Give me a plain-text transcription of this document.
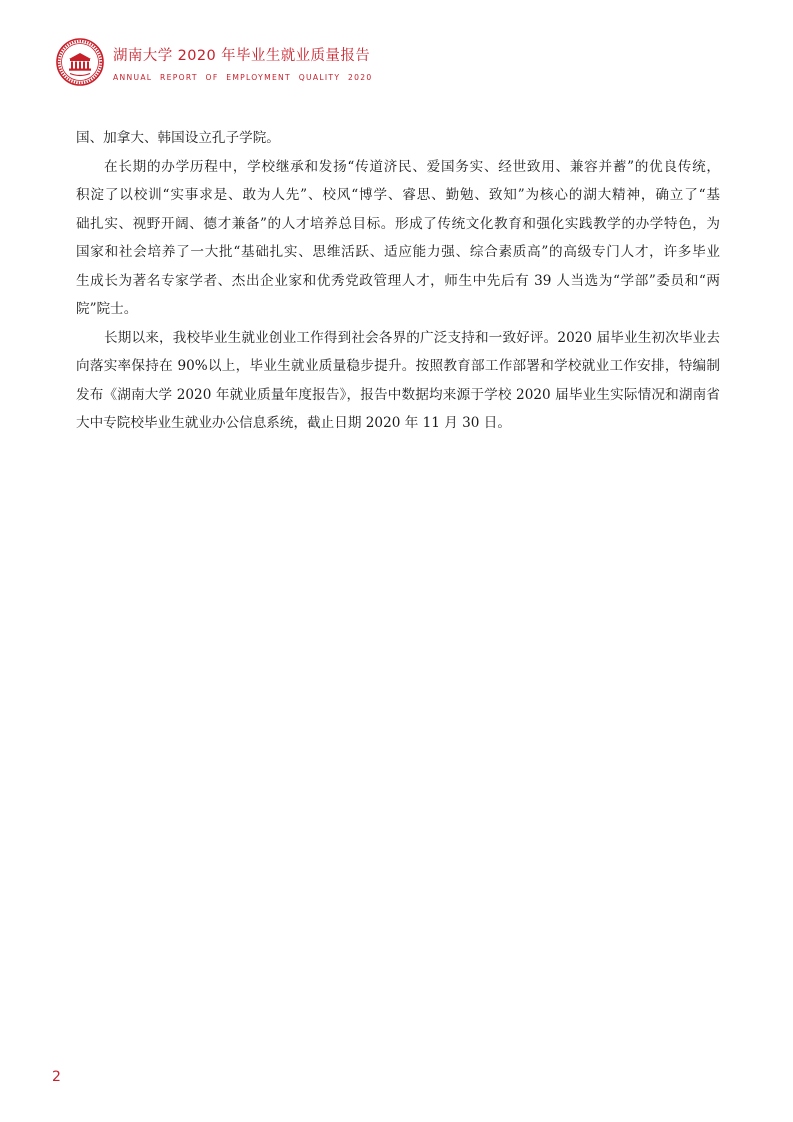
湖南大学 2020 年毕业生就业质量报告
ANNUAL REPORT OF EMPLOYMENT QUALITY 2020

国、加拿大、韩国设立孔子学院。

在长期的办学历程中，学校继承和发扬“传道济民、爱国务实、经世致用、兼容并蓄”的优良传统，
积淀了以校训“实事求是、敢为人先”、校风“博学、睿思、勤勉、致知”为核心的湖大精神，确立了“基
础扎实、视野开阔、德才兼备”的人才培养总目标。形成了传统文化教育和强化实践教学的办学特色，为
国家和社会培养了一大批“基础扎实、思维活跃、适应能力强、综合素质高”的高级专门人才，许多毕业
生成长为著名专家学者、杰出企业家和优秀党政管理人才，师生中先后有 39 人当选为“学部”委员和“两
院”院士。

长期以来，我校毕业生就业创业工作得到社会各界的广泛支持和一致好评。2020 届毕业生初次毕业去
向落实率保持在 90%以上，毕业生就业质量稳步提升。按照教育部工作部署和学校就业工作安排，特编制
发布《湖南大学 2020 年就业质量年度报告》，报告中数据均来源于学校 2020 届毕业生实际情况和湖南省
大中专院校毕业生就业办公信息系统，截止日期 2020 年 11 月 30 日。

2
